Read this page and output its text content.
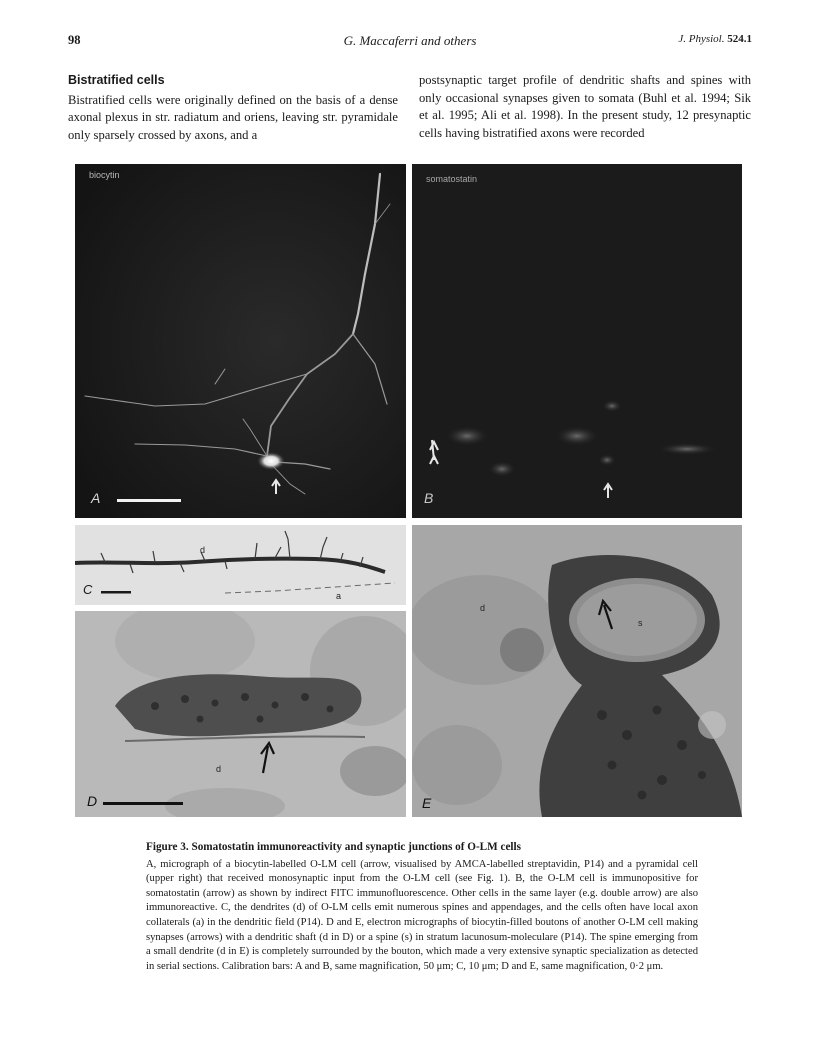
98	G. Maccaferri and others	J. Physiol. 524.1
Bistratified cells

Bistratified cells were originally defined on the basis of a dense axonal plexus in str. radiatum and oriens, leaving str. pyramidale only sparsely crossed by axons, and a

postsynaptic target profile of dendritic shafts and spines with only occasional synapses given to somata (Buhl et al. 1994; Sik et al. 1995; Ali et al. 1998). In the present study, 12 presynaptic cells having bistratified axons were recorded

biocytin
A
somatostatin
B
d
a
C
d
D
d
s
E
Figure 3. Somatostatin immunoreactivity and synaptic junctions of O-LM cells
A, micrograph of a biocytin-labelled O-LM cell (arrow, visualised by AMCA-labelled streptavidin, P14) and a pyramidal cell (upper right) that received monosynaptic input from the O-LM cell (see Fig. 1). B, the O-LM cell is immunopositive for somatostatin (arrow) as shown by indirect FITC immunofluorescence. Other cells in the same layer (e.g. double arrow) are also immunoreactive. C, the dendrites (d) of O-LM cells emit numerous spines and appendages, and the cells often have local axon collaterals (a) in the dendritic field (P14). D and E, electron micrographs of biocytin-filled boutons of another O-LM cell making synapses (arrows) with a dendritic shaft (d in D) or a spine (s) in stratum lacunosum-moleculare (P14). The spine emerging from a small dendrite (d in E) is completely surrounded by the bouton, which made a very extensive synaptic specialization as detected in serial sections. Calibration bars: A and B, same magnification, 50 μm; C, 10 μm; D and E, same magnification, 0·2 μm.
